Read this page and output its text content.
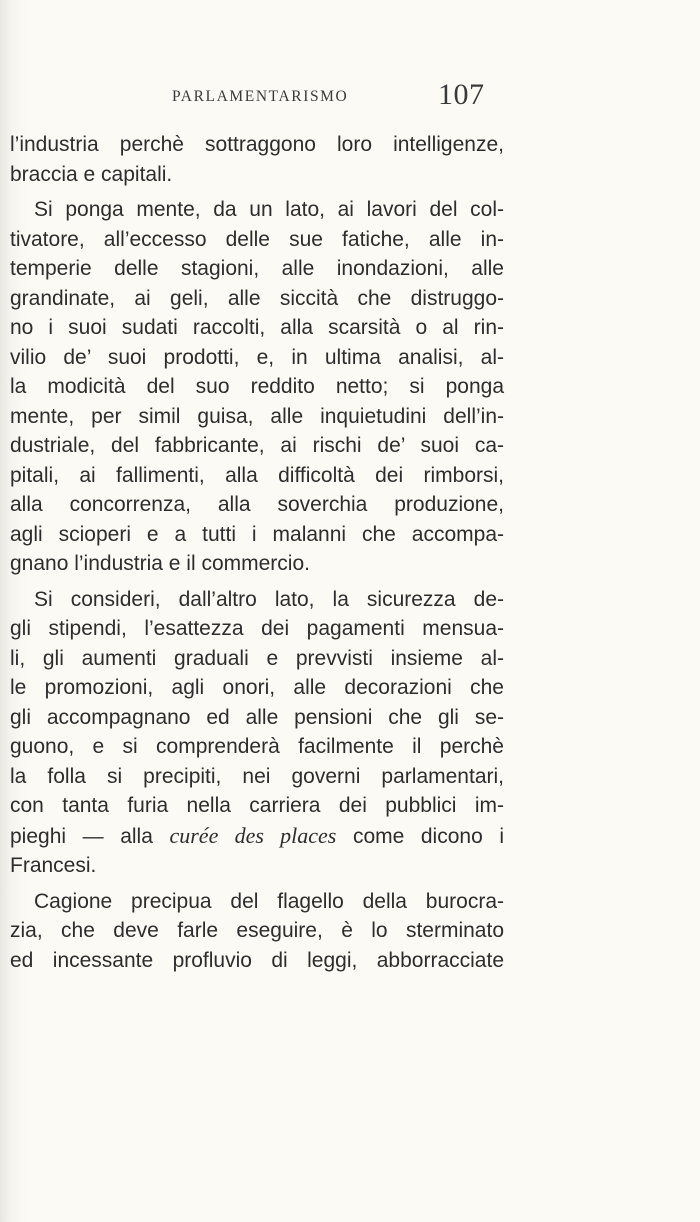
PARLAMENTARISMO	107
l’industria perchè sottraggono loro intelligenze,
braccia e capitali.
Si ponga mente, da un lato, ai lavori del col-
tivatore, all’eccesso delle sue fatiche, alle in-
temperie delle stagioni, alle inondazioni, alle
grandinate, ai geli, alle siccità che distruggo-
no i suoi sudati raccolti, alla scarsità o al rin-
vilio de’ suoi prodotti, e, in ultima analisi, al-
la modicità del suo reddito netto; si ponga
mente, per simil guisa, alle inquietudini dell’in-
dustriale, del fabbricante, ai rischi de’ suoi ca-
pitali, ai fallimenti, alla difficoltà dei rimborsi,
alla concorrenza, alla soverchia produzione,
agli scioperi e a tutti i malanni che accompa-
gnano l’industria e il commercio.
Si consideri, dall’altro lato, la sicurezza de-
gli stipendi, l’esattezza dei pagamenti mensua-
li, gli aumenti graduali e prevvisti insieme al-
le promozioni, agli onori, alle decorazioni che
gli accompagnano ed alle pensioni che gli se-
guono, e si comprenderà facilmente il perchè
la folla si precipiti, nei governi parlamentari,
con tanta furia nella carriera dei pubblici im-
pieghi — alla curée des places come dicono i
Francesi.
Cagione precipua del flagello della burocra-
zia, che deve farle eseguire, è lo sterminato
ed incessante profluvio di leggi, abborracciate
